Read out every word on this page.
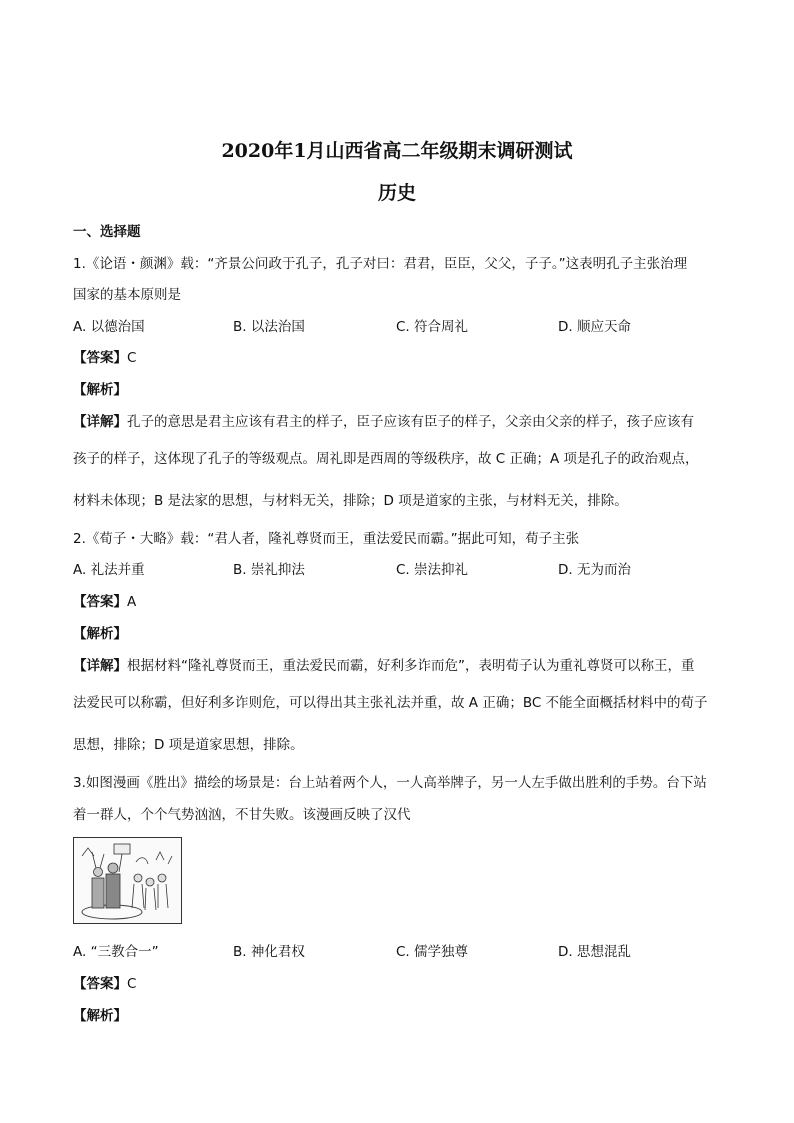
2020年1月山西省高二年级期末调研测试
历史
一、选择题
1.《论语・颜渊》载：“齐景公问政于孔子，孔子对曰：君君，臣臣，父父，子子。”这表明孔子主张治理
国家的基本原则是
A. 以德治国	B. 以法治国	C. 符合周礼	D. 顺应天命
【答案】C
【解析】
【详解】孔子的意思是君主应该有君主的样子，臣子应该有臣子的样子，父亲由父亲的样子，孩子应该有
孩子的样子，这体现了孔子的等级观点。周礼即是西周的等级秩序，故 C 正确；A 项是孔子的政治观点，
材料未体现；B 是法家的思想，与材料无关，排除；D 项是道家的主张，与材料无关，排除。
2.《荀子・大略》载：“君人者，隆礼尊贤而王，重法爱民而霸。”据此可知，荀子主张
A. 礼法并重	B. 崇礼抑法	C. 崇法抑礼	D. 无为而治
【答案】A
【解析】
【详解】根据材料“隆礼尊贤而王，重法爱民而霸，好利多诈而危”，表明荀子认为重礼尊贤可以称王，重
法爱民可以称霸，但好利多诈则危，可以得出其主张礼法并重，故 A 正确；BC 不能全面概括材料中的荀子
思想，排除；D 项是道家思想，排除。
3.如图漫画《胜出》描绘的场景是：台上站着两个人，一人高举牌子，另一人左手做出胜利的手势。台下站
着一群人，个个气势汹汹，不甘失败。该漫画反映了汉代
A. “三教合一”	B. 神化君权	C. 儒学独尊	D. 思想混乱
【答案】C
【解析】
